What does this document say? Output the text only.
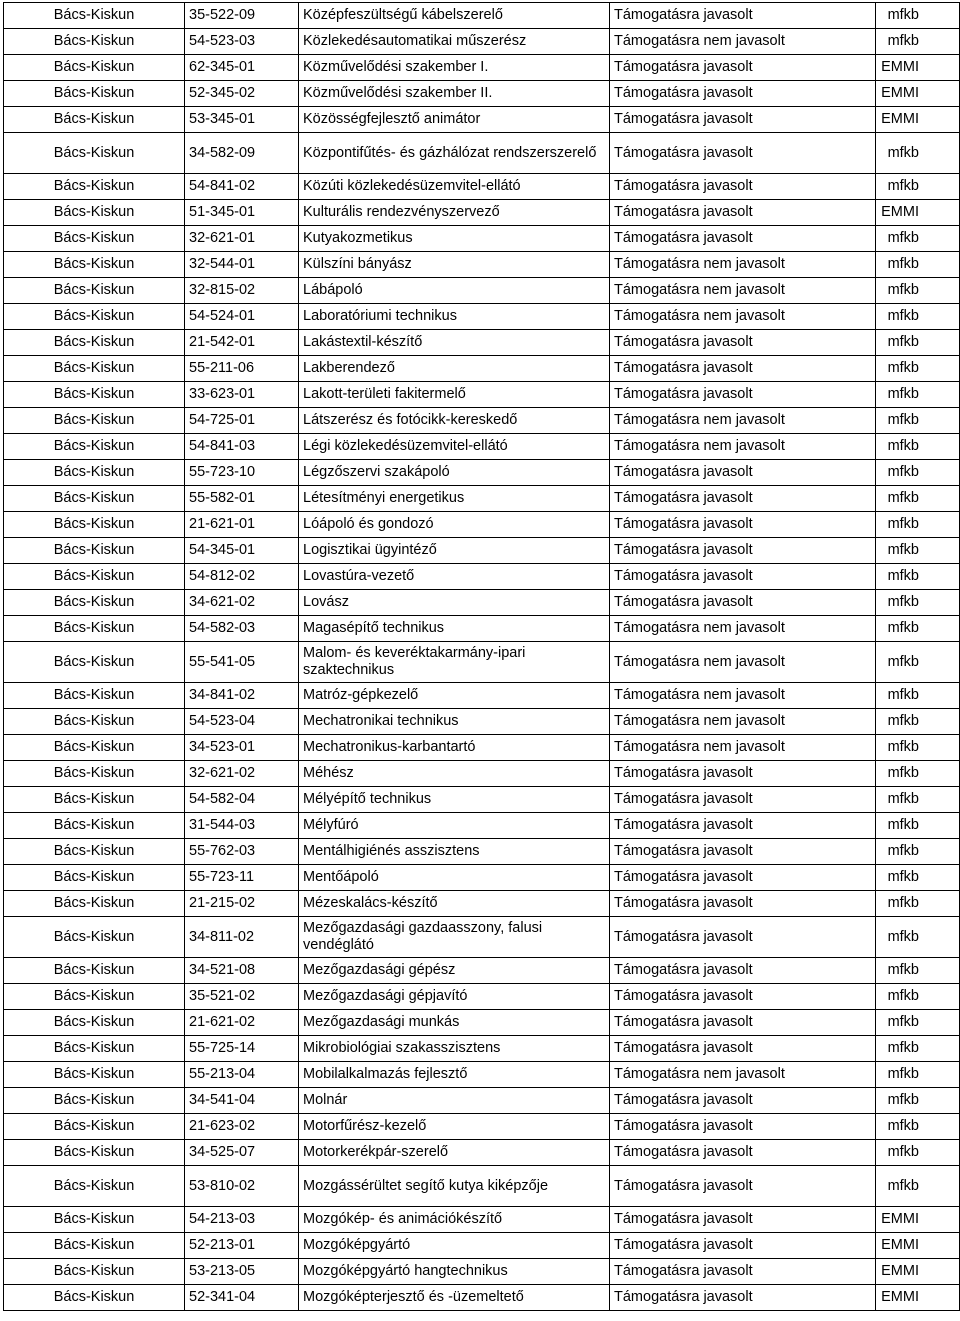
Bács-Kiskun	35-522-09	Középfeszültségű kábelszerelő	Támogatásra javasolt	mfkb
Bács-Kiskun	54-523-03	Közlekedésautomatikai műszerész	Támogatásra nem javasolt	mfkb
Bács-Kiskun	62-345-01	Közművelődési szakember I.	Támogatásra javasolt	EMMI
Bács-Kiskun	52-345-02	Közművelődési szakember II.	Támogatásra javasolt	EMMI
Bács-Kiskun	53-345-01	Közösségfejlesztő animátor	Támogatásra javasolt	EMMI
Bács-Kiskun	34-582-09	Központifűtés- és gázhálózat rendszerszerelő	Támogatásra javasolt	mfkb
Bács-Kiskun	54-841-02	Közúti közlekedésüzemvitel-ellátó	Támogatásra javasolt	mfkb
Bács-Kiskun	51-345-01	Kulturális rendezvényszervező	Támogatásra javasolt	EMMI
Bács-Kiskun	32-621-01	Kutyakozmetikus	Támogatásra javasolt	mfkb
Bács-Kiskun	32-544-01	Külszíni bányász	Támogatásra nem javasolt	mfkb
Bács-Kiskun	32-815-02	Lábápoló	Támogatásra nem javasolt	mfkb
Bács-Kiskun	54-524-01	Laboratóriumi technikus	Támogatásra nem javasolt	mfkb
Bács-Kiskun	21-542-01	Lakástextil-készítő	Támogatásra javasolt	mfkb
Bács-Kiskun	55-211-06	Lakberendező	Támogatásra javasolt	mfkb
Bács-Kiskun	33-623-01	Lakott-területi fakitermelő	Támogatásra javasolt	mfkb
Bács-Kiskun	54-725-01	Látszerész és fotócikk-kereskedő	Támogatásra nem javasolt	mfkb
Bács-Kiskun	54-841-03	Légi közlekedésüzemvitel-ellátó	Támogatásra nem javasolt	mfkb
Bács-Kiskun	55-723-10	Légzőszervi szakápoló	Támogatásra javasolt	mfkb
Bács-Kiskun	55-582-01	Létesítményi energetikus	Támogatásra javasolt	mfkb
Bács-Kiskun	21-621-01	Lóápoló és gondozó	Támogatásra javasolt	mfkb
Bács-Kiskun	54-345-01	Logisztikai ügyintéző	Támogatásra javasolt	mfkb
Bács-Kiskun	54-812-02	Lovastúra-vezető	Támogatásra javasolt	mfkb
Bács-Kiskun	34-621-02	Lovász	Támogatásra javasolt	mfkb
Bács-Kiskun	54-582-03	Magasépítő technikus	Támogatásra nem javasolt	mfkb
Bács-Kiskun	55-541-05	Malom- és keveréktakarmány-ipari szaktechnikus	Támogatásra nem javasolt	mfkb
Bács-Kiskun	34-841-02	Matróz-gépkezelő	Támogatásra nem javasolt	mfkb
Bács-Kiskun	54-523-04	Mechatronikai technikus	Támogatásra nem javasolt	mfkb
Bács-Kiskun	34-523-01	Mechatronikus-karbantartó	Támogatásra nem javasolt	mfkb
Bács-Kiskun	32-621-02	Méhész	Támogatásra javasolt	mfkb
Bács-Kiskun	54-582-04	Mélyépítő technikus	Támogatásra javasolt	mfkb
Bács-Kiskun	31-544-03	Mélyfúró	Támogatásra javasolt	mfkb
Bács-Kiskun	55-762-03	Mentálhigiénés asszisztens	Támogatásra javasolt	mfkb
Bács-Kiskun	55-723-11	Mentőápoló	Támogatásra javasolt	mfkb
Bács-Kiskun	21-215-02	Mézeskalács-készítő	Támogatásra javasolt	mfkb
Bács-Kiskun	34-811-02	Mezőgazdasági gazdaasszony, falusi vendéglátó	Támogatásra javasolt	mfkb
Bács-Kiskun	34-521-08	Mezőgazdasági gépész	Támogatásra javasolt	mfkb
Bács-Kiskun	35-521-02	Mezőgazdasági gépjavító	Támogatásra javasolt	mfkb
Bács-Kiskun	21-621-02	Mezőgazdasági munkás	Támogatásra javasolt	mfkb
Bács-Kiskun	55-725-14	Mikrobiológiai szakasszisztens	Támogatásra javasolt	mfkb
Bács-Kiskun	55-213-04	Mobilalkalmazás fejlesztő	Támogatásra nem javasolt	mfkb
Bács-Kiskun	34-541-04	Molnár	Támogatásra javasolt	mfkb
Bács-Kiskun	21-623-02	Motorfűrész-kezelő	Támogatásra javasolt	mfkb
Bács-Kiskun	34-525-07	Motorkerékpár-szerelő	Támogatásra javasolt	mfkb
Bács-Kiskun	53-810-02	Mozgássérültet segítő kutya kiképzője	Támogatásra javasolt	mfkb
Bács-Kiskun	54-213-03	Mozgókép- és animációkészítő	Támogatásra javasolt	EMMI
Bács-Kiskun	52-213-01	Mozgóképgyártó	Támogatásra javasolt	EMMI
Bács-Kiskun	53-213-05	Mozgóképgyártó hangtechnikus	Támogatásra javasolt	EMMI
Bács-Kiskun	52-341-04	Mozgóképterjesztő és -üzemeltető	Támogatásra javasolt	EMMI
